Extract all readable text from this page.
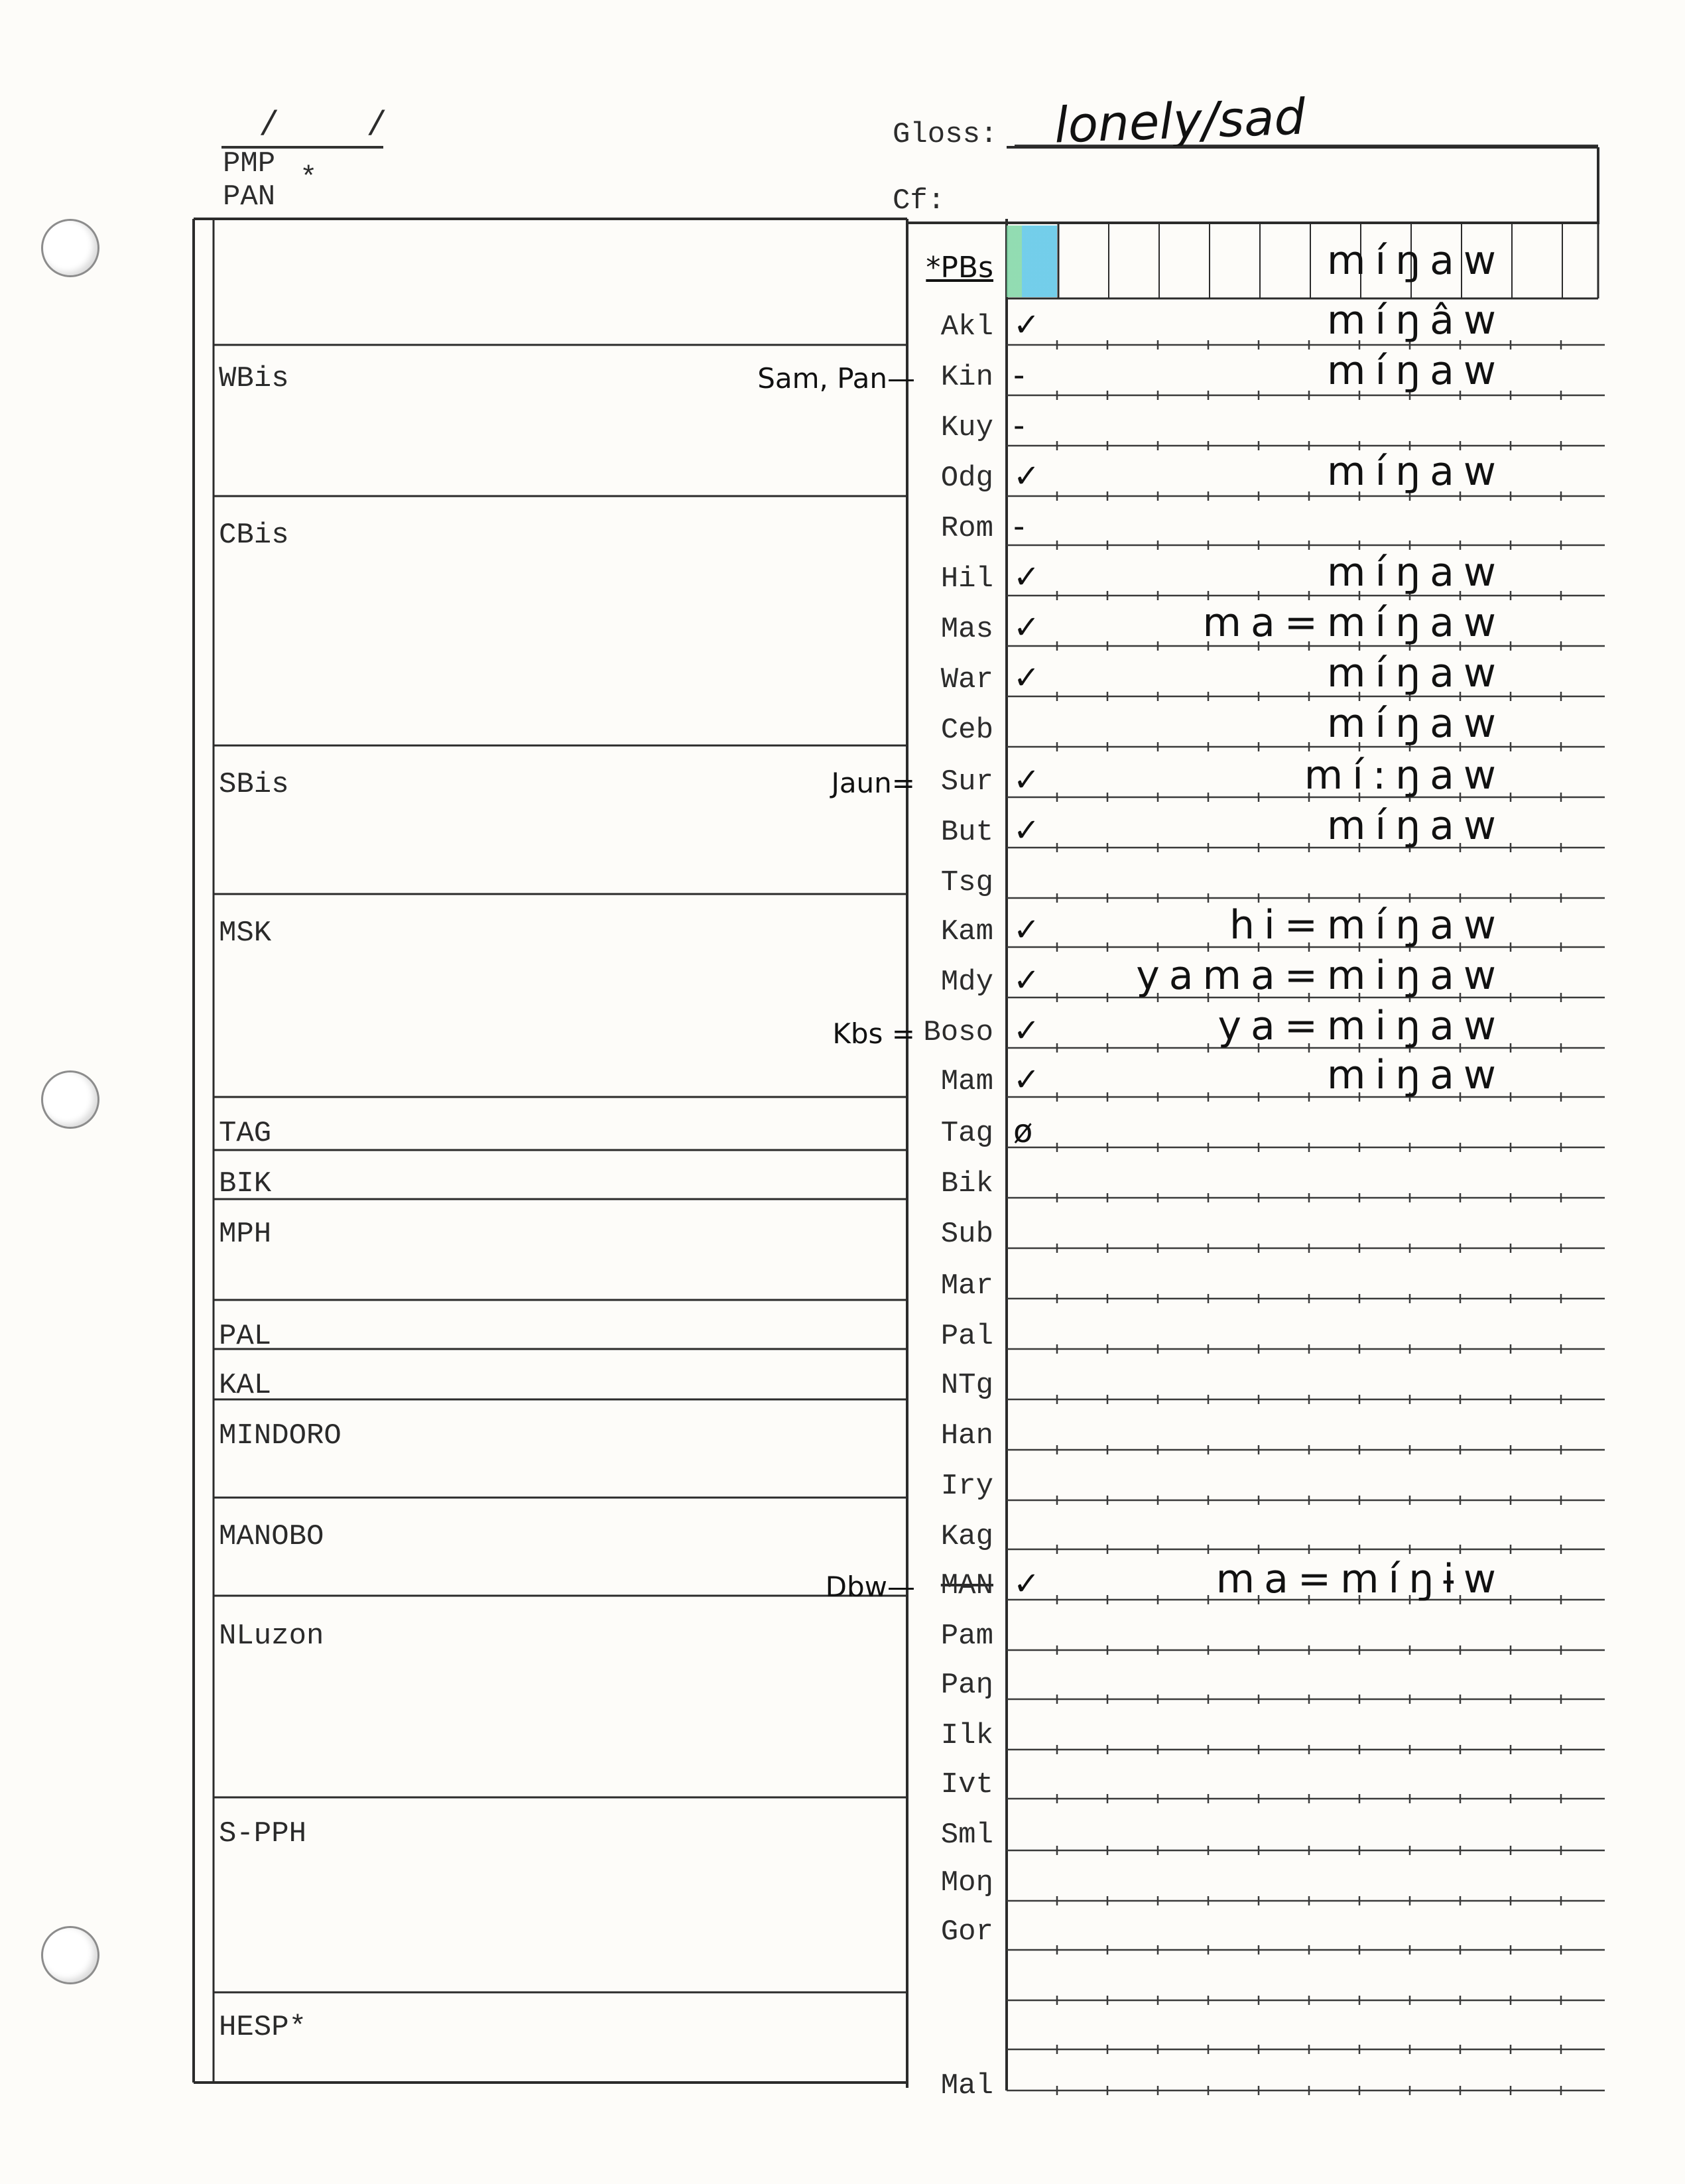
/ /
PMP *
PAN
Gloss: lonely/sad
Cf:
WBis
CBis
SBis
MSK
TAG
BIK
MPH
PAL
KAL
MINDORO
MANOBO
NLuzon
S-PPH
HESP*
*PBs	míŋaw
Akl ✓	míŋâw
Kin -	míŋaw
Sam, Pan—
Kuy -
Odg ✓	míŋaw
Rom -
Hil ✓	míŋaw
Mas ✓	ma=míŋaw
War ✓	míŋaw
Ceb	míŋaw
Sur ✓	mí:ŋaw
Jaun=
But ✓	míŋaw
Tsg
Kam ✓	hi=míŋaw
Mdy ✓	yama=miŋaw
Boso ✓	ya=miŋaw
Kbs =
Mam ✓	miŋaw
Tag ø
Bik
Sub
Mar
Pal
NTg
Han
Iry
Kag
MAN ✓	ma=míŋɨw
Dbw—
Pam
Paŋ
Ilk
Ivt
Sml
Moŋ
Gor
Mal
